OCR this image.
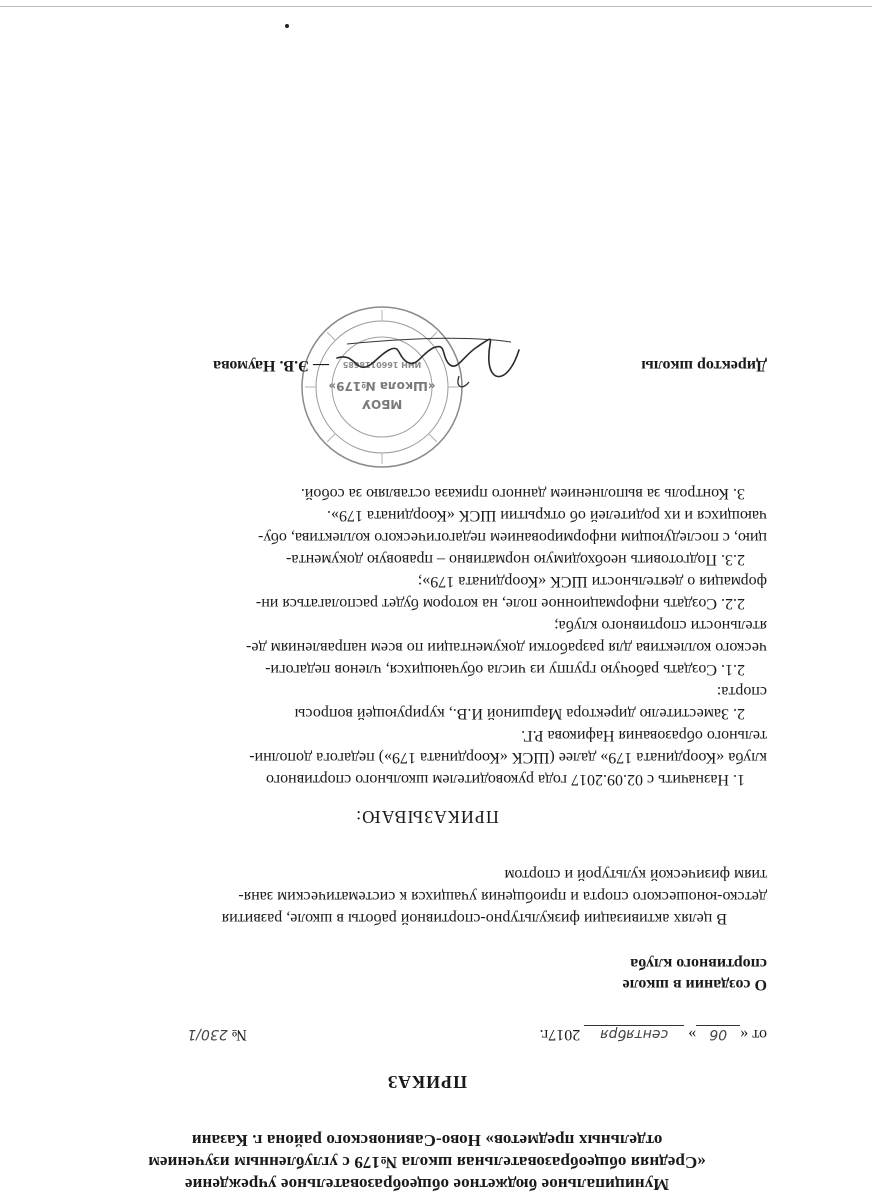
Муниципальное бюджетное общеобразовательное учреждение
«Средняя общеобразовательная школа №179 с углубленным изучением
отдельных предметов» Ново-Савиновского района г. Казани
ПРИКАЗ
от «06» сентября 2017г.
№ 230/1
О создании в школе
спортивного клуба
В целях активизации физкультурно-спортивной работы в школе, развития
детско-юношеского спорта и приобщения учащихся к систематическим заня-
тиям физической культурой и спортом
ПРИКАЗЫВАЮ:
1. Назначить с 02.09.2017 года руководителем школьного спортивного
клуба «Координата 179» далее (ШСК «Координата 179») педагога дополни-
тельного образования Нафикова Р.Г.
2. Заместителю директора Маршиной И.В., курирующей вопросы
спорта:
2.1. Создать рабочую группу из числа обучающихся, членов педагоги-
ческого коллектива для разработки документации по всем направлениям де-
ятельности спортивного клуба;
2.2. Создать информационное поле, на котором будет располагаться ин-
формация о деятельности ШСК «Координата 179»;
2.3. Подготовить необходимую нормативно – правовую документа-
цию, с последующим информированием педагогического коллектива, обу-
чающихся и их родителей об открытии ШСК «Координата 179».
3. Контроль за выполнением данного приказа оставляю за собой.
Директор школы
МБОУ
«Школа №179»
ИНН 1660118685
— Э.В. Наумова
